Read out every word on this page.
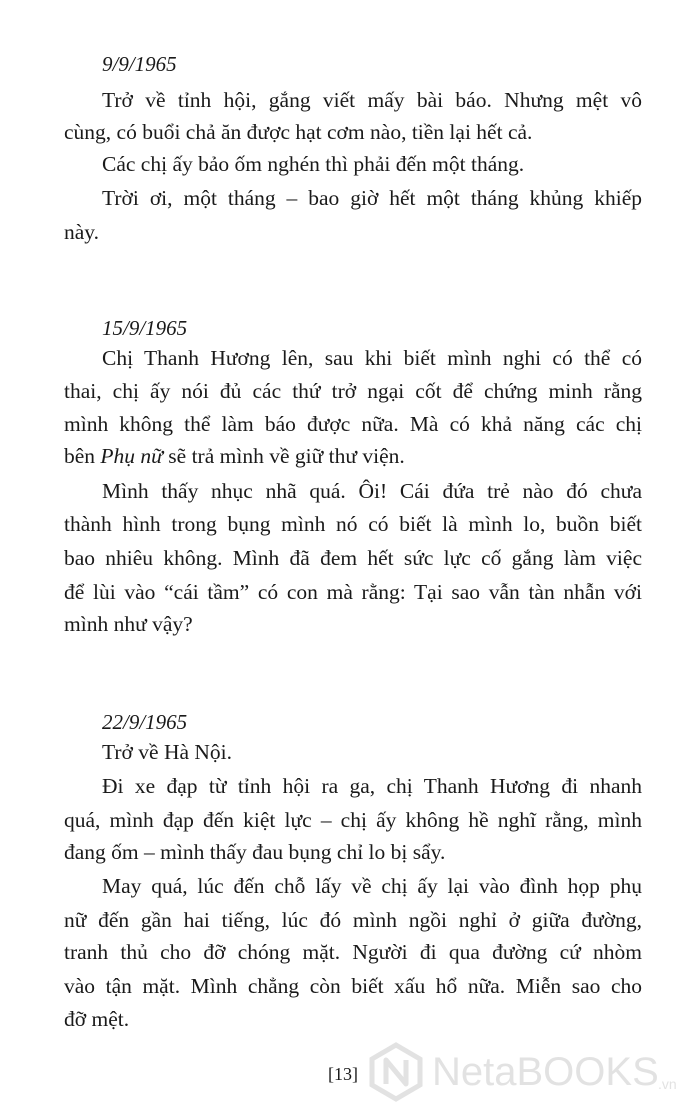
9/9/1965
Trở về tỉnh hội, gắng viết mấy bài báo. Nhưng mệt vô
cùng, có buổi chả ăn được hạt cơm nào, tiền lại hết cả.
Các chị ấy bảo ốm nghén thì phải đến một tháng.
Trời ơi, một tháng – bao giờ hết một tháng khủng khiếp
này.
15/9/1965
Chị Thanh Hương lên, sau khi biết mình nghi có thể có
thai, chị ấy nói đủ các thứ trở ngại cốt để chứng minh rằng
mình không thể làm báo được nữa. Mà có khả năng các chị
bên Phụ nữ sẽ trả mình về giữ thư viện.
Mình thấy nhục nhã quá. Ôi! Cái đứa trẻ nào đó chưa
thành hình trong bụng mình nó có biết là mình lo, buồn biết
bao nhiêu không. Mình đã đem hết sức lực cố gắng làm việc
để lùi vào “cái tầm” có con mà rằng: Tại sao vẫn tàn nhẫn với
mình như vậy?
22/9/1965
Trở về Hà Nội.
Đi xe đạp từ tỉnh hội ra ga, chị Thanh Hương đi nhanh
quá, mình đạp đến kiệt lực – chị ấy không hề nghĩ rằng, mình
đang ốm – mình thấy đau bụng chỉ lo bị sẩy.
May quá, lúc đến chỗ lấy về chị ấy lại vào đình họp phụ
nữ đến gần hai tiếng, lúc đó mình ngồi nghỉ ở giữa đường,
tranh thủ cho đỡ chóng mặt. Người đi qua đường cứ nhòm
vào tận mặt. Mình chẳng còn biết xấu hổ nữa. Miễn sao cho
đỡ mệt.
[13] NetaBOOKS .vn
